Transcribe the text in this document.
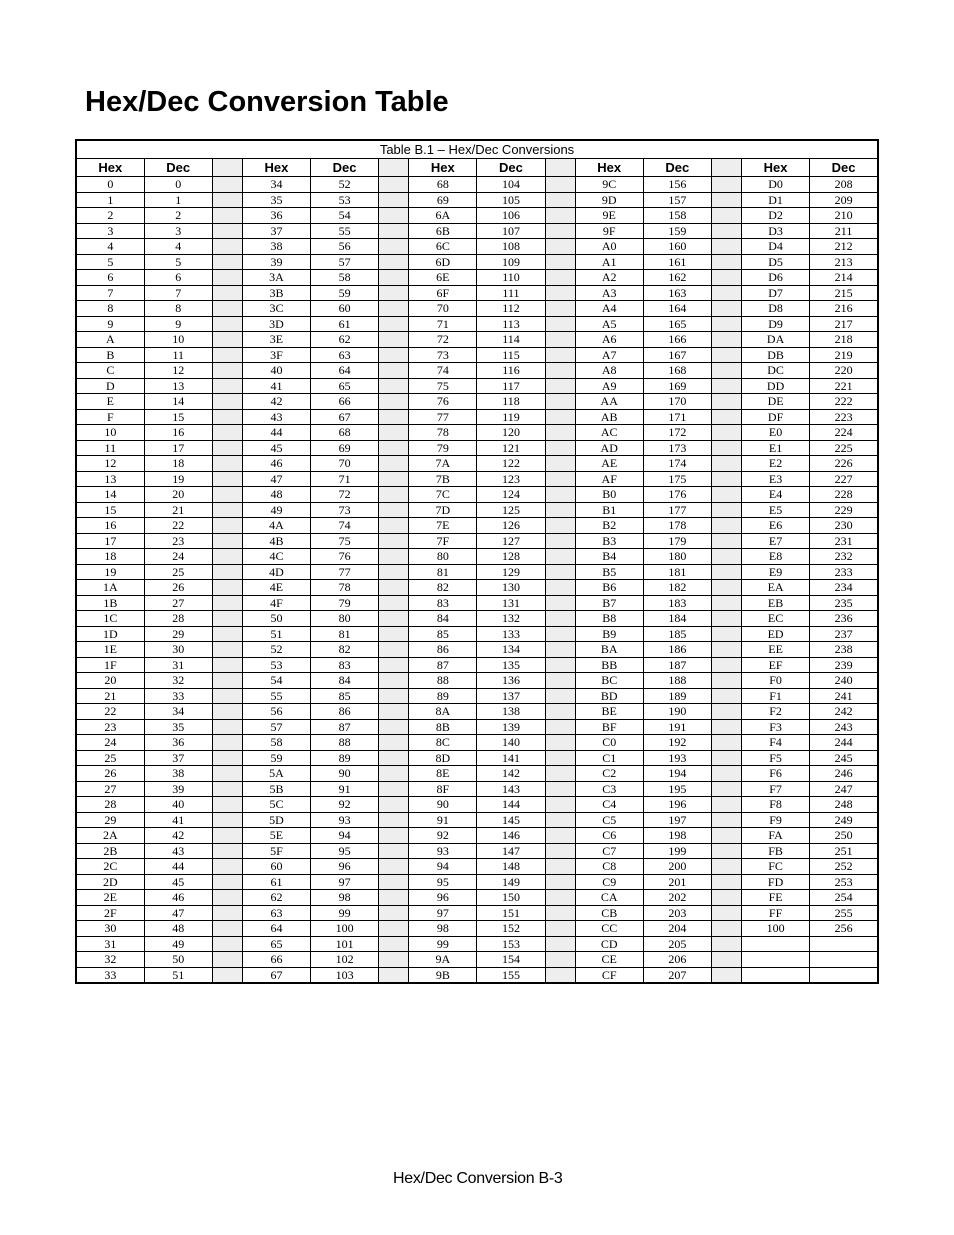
Hex/Dec Conversion Table
Table B.1 – Hex/Dec Conversions													
Hex	Dec		Hex	Dec		Hex	Dec		Hex	Dec		Hex	Dec
0	0		34	52		68	104		9C	156		D0	208
1	1		35	53		69	105		9D	157		D1	209
2	2		36	54		6A	106		9E	158		D2	210
3	3		37	55		6B	107		9F	159		D3	211
4	4		38	56		6C	108		A0	160		D4	212
5	5		39	57		6D	109		A1	161		D5	213
6	6		3A	58		6E	110		A2	162		D6	214
7	7		3B	59		6F	111		A3	163		D7	215
8	8		3C	60		70	112		A4	164		D8	216
9	9		3D	61		71	113		A5	165		D9	217
A	10		3E	62		72	114		A6	166		DA	218
B	11		3F	63		73	115		A7	167		DB	219
C	12		40	64		74	116		A8	168		DC	220
D	13		41	65		75	117		A9	169		DD	221
E	14		42	66		76	118		AA	170		DE	222
F	15		43	67		77	119		AB	171		DF	223
10	16		44	68		78	120		AC	172		E0	224
11	17		45	69		79	121		AD	173		E1	225
12	18		46	70		7A	122		AE	174		E2	226
13	19		47	71		7B	123		AF	175		E3	227
14	20		48	72		7C	124		B0	176		E4	228
15	21		49	73		7D	125		B1	177		E5	229
16	22		4A	74		7E	126		B2	178		E6	230
17	23		4B	75		7F	127		B3	179		E7	231
18	24		4C	76		80	128		B4	180		E8	232
19	25		4D	77		81	129		B5	181		E9	233
1A	26		4E	78		82	130		B6	182		EA	234
1B	27		4F	79		83	131		B7	183		EB	235
1C	28		50	80		84	132		B8	184		EC	236
1D	29		51	81		85	133		B9	185		ED	237
1E	30		52	82		86	134		BA	186		EE	238
1F	31		53	83		87	135		BB	187		EF	239
20	32		54	84		88	136		BC	188		F0	240
21	33		55	85		89	137		BD	189		F1	241
22	34		56	86		8A	138		BE	190		F2	242
23	35		57	87		8B	139		BF	191		F3	243
24	36		58	88		8C	140		C0	192		F4	244
25	37		59	89		8D	141		C1	193		F5	245
26	38		5A	90		8E	142		C2	194		F6	246
27	39		5B	91		8F	143		C3	195		F7	247
28	40		5C	92		90	144		C4	196		F8	248
29	41		5D	93		91	145		C5	197		F9	249
2A	42		5E	94		92	146		C6	198		FA	250
2B	43		5F	95		93	147		C7	199		FB	251
2C	44		60	96		94	148		C8	200		FC	252
2D	45		61	97		95	149		C9	201		FD	253
2E	46		62	98		96	150		CA	202		FE	254
2F	47		63	99		97	151		CB	203		FF	255
30	48		64	100		98	152		CC	204		100	256
31	49		65	101		99	153		CD	205			
32	50		66	102		9A	154		CE	206			
33	51		67	103		9B	155		CF	207			
Hex/Dec Conversion B-3
